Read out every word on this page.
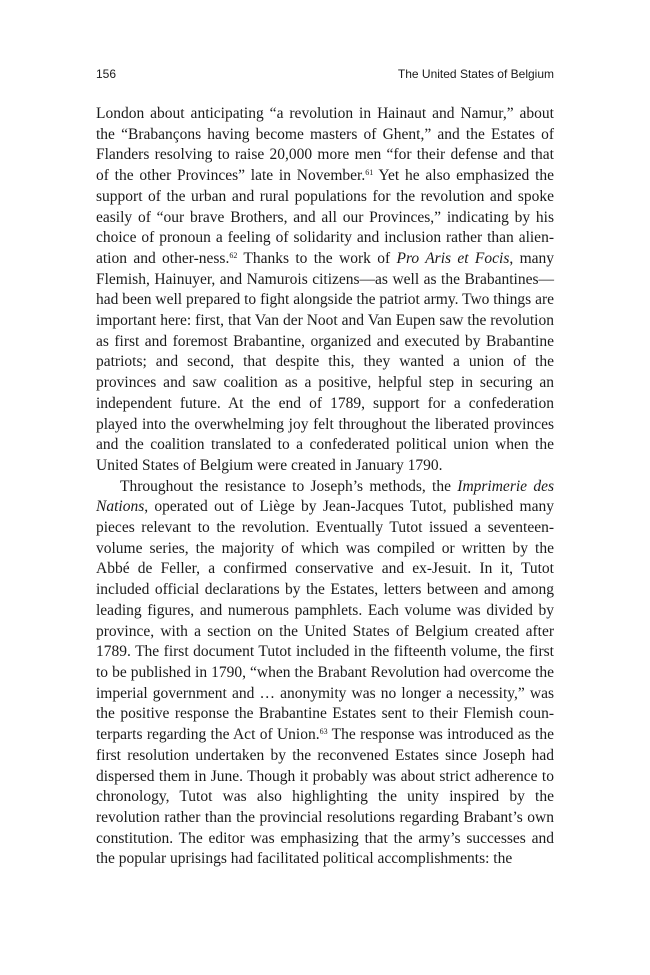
156	The United States of Belgium

London about anticipating “a revolution in Hainaut and Namur,” about the “Brabançons having become masters of Ghent,” and the Estates of Flanders resolving to raise 20,000 more men “for their defense and that of the other Provinces” late in November.$^{61}$ Yet he also emphasized the support of the urban and rural populations for the revolution and spoke easily of “our brave Brothers, and all our Provinces,” indicating by his choice of pronoun a feeling of solidarity and inclusion rather than alienation and other-ness.$^{62}$ Thanks to the work of Pro Aris et Focis, many Flemish, Hainuyer, and Namurois citizens—as well as the Brabantines—had been well prepared to fight alongside the patriot army. Two things are important here: first, that Van der Noot and Van Eupen saw the revolution as first and foremost Brabantine, organized and executed by Brabantine patriots; and second, that despite this, they wanted a union of the provinces and saw coalition as a positive, helpful step in securing an independent future. At the end of 1789, support for a confederation played into the overwhelming joy felt throughout the liberated provinces and the coalition translated to a confederated political union when the United States of Belgium were created in January 1790.

Throughout the resistance to Joseph’s methods, the Imprimerie des Nations, operated out of Liège by Jean-Jacques Tutot, published many pieces relevant to the revolution. Eventually Tutot issued a seventeen-volume series, the majority of which was compiled or written by the Abbé de Feller, a confirmed conservative and ex-Jesuit. In it, Tutot included official declarations by the Estates, letters between and among leading figures, and numerous pamphlets. Each volume was divided by province, with a section on the United States of Belgium created after 1789. The first document Tutot included in the fifteenth volume, the first to be published in 1790, “when the Brabant Revolution had overcome the imperial government and … anonymity was no longer a necessity,” was the positive response the Brabantine Estates sent to their Flemish counterparts regarding the Act of Union.$^{63}$ The response was introduced as the first resolution undertaken by the reconvened Estates since Joseph had dispersed them in June. Though it probably was about strict adherence to chronology, Tutot was also highlighting the unity inspired by the revolution rather than the provincial resolutions regarding Brabant’s own constitution. The editor was emphasizing that the army’s successes and the popular uprisings had facilitated political accomplishments: the
